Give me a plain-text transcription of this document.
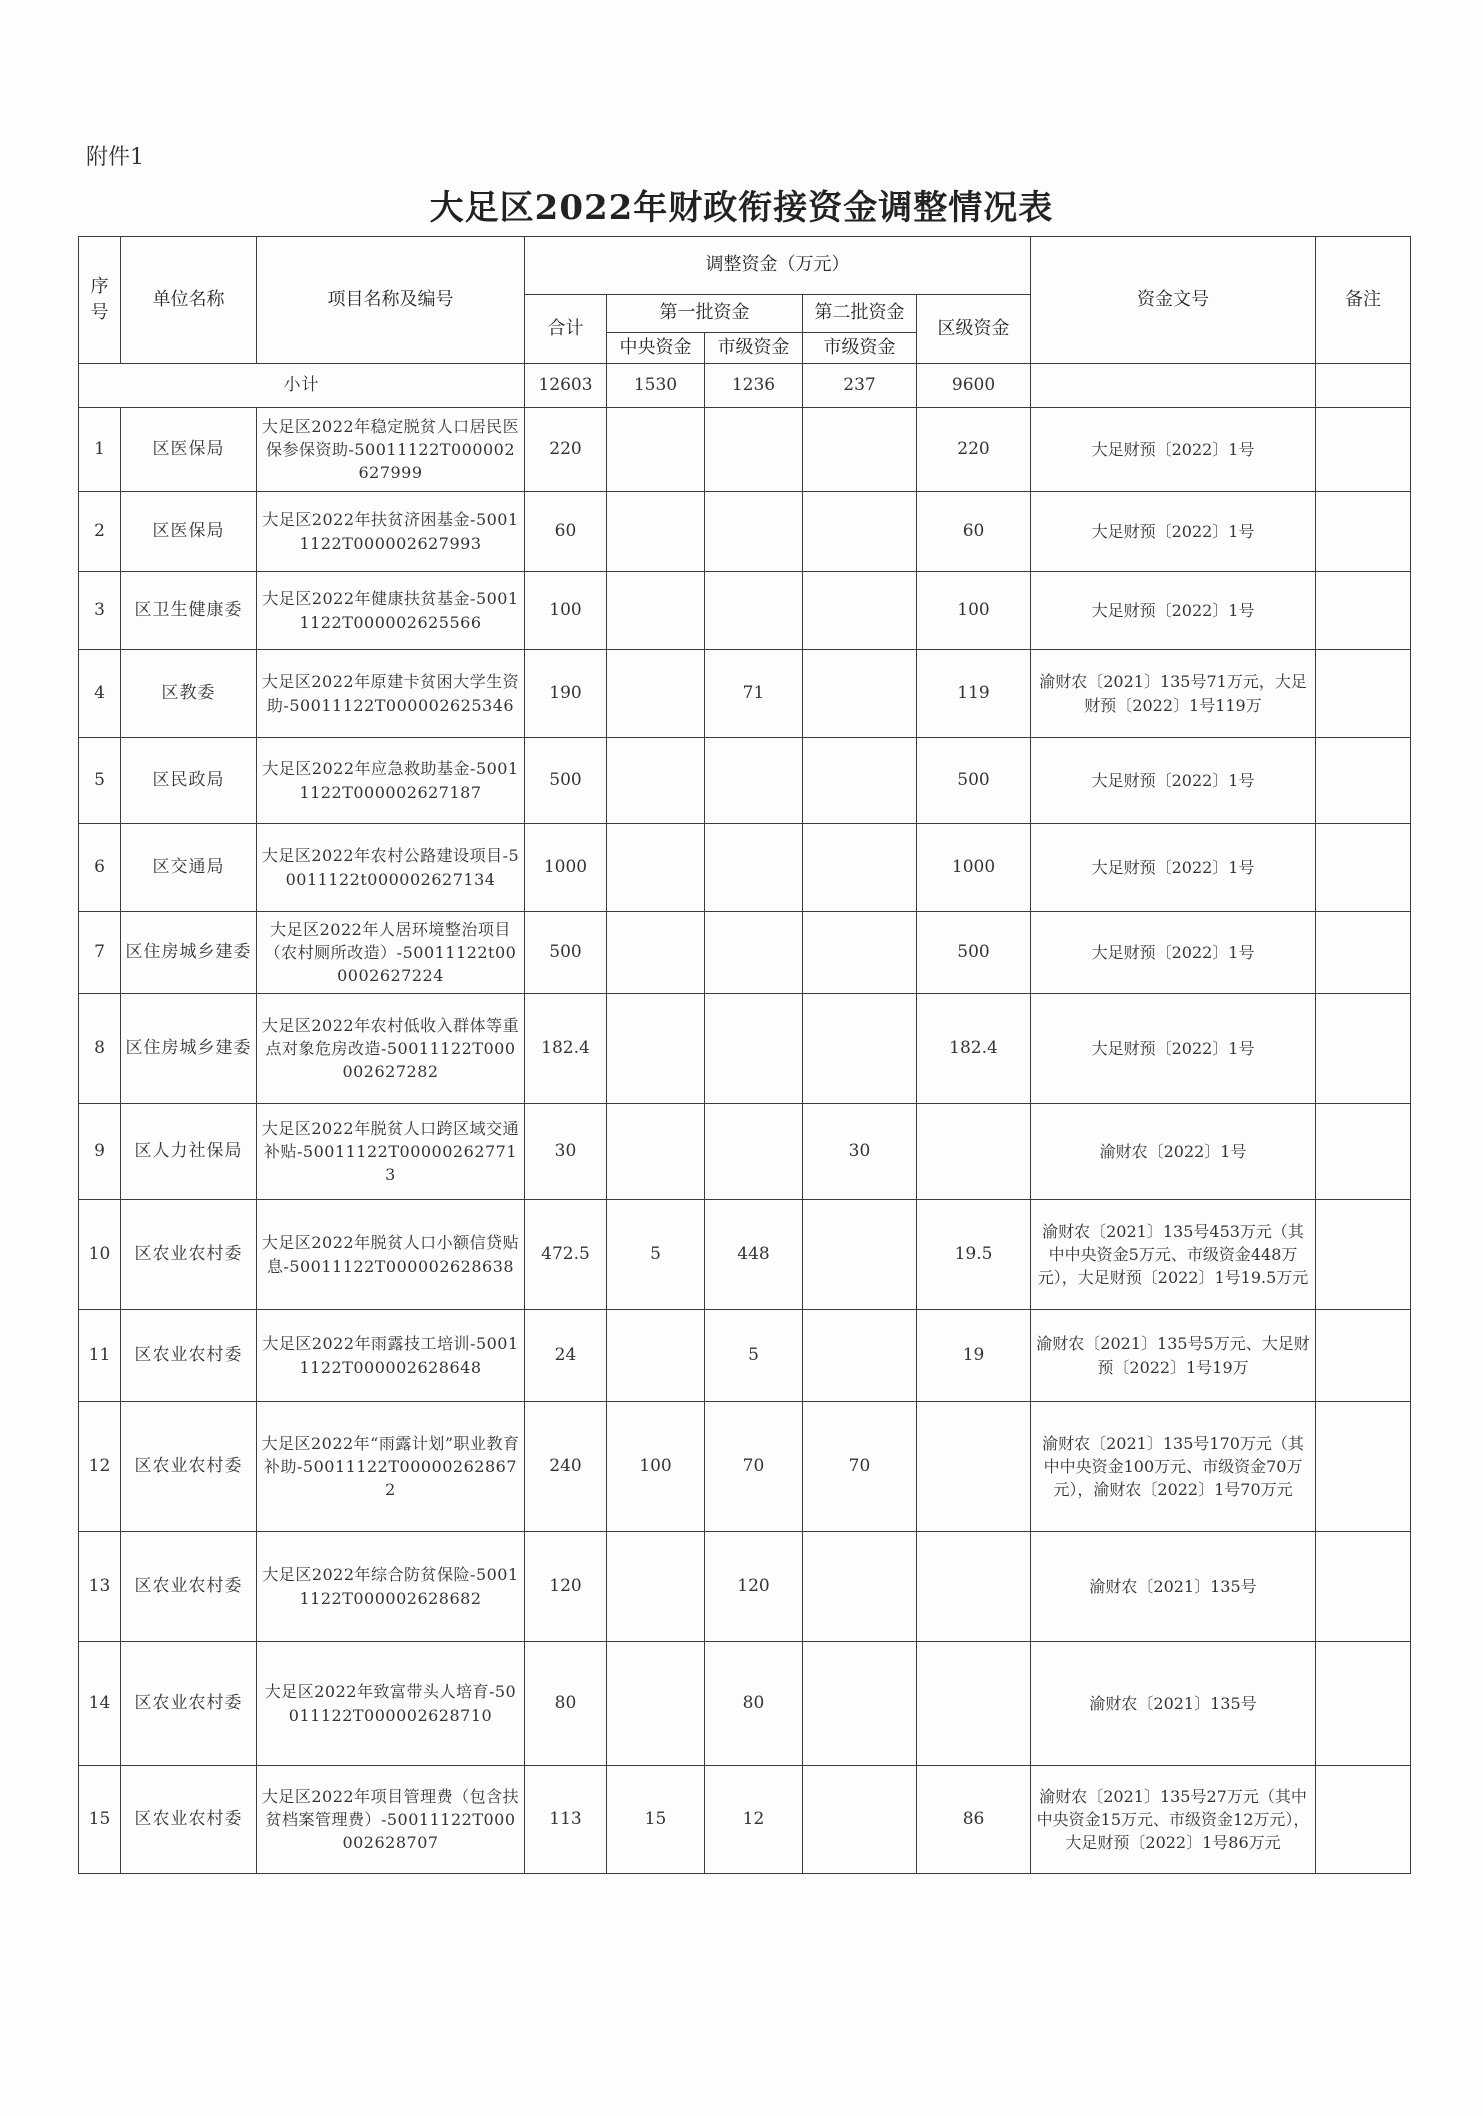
附件1
大足区2022年财政衔接资金调整情况表
序号	单位名称	项目名称及编号	调整资金（万元）					资金文号	备注
			合计	第一批资金		第二批资金	区级资金		
				中央资金	市级资金	市级资金			
小计			12603	1530	1236	237	9600		
1	区医保局	大足区2022年稳定脱贫人口居民医保参保资助-50011122T000002627999	220				220	大足财预〔2022〕1号	
2	区医保局	大足区2022年扶贫济困基金-50011122T000002627993	60				60	大足财预〔2022〕1号	
3	区卫生健康委	大足区2022年健康扶贫基金-50011122T000002625566	100				100	大足财预〔2022〕1号	
4	区教委	大足区2022年原建卡贫困大学生资助-50011122T000002625346	190		71		119	渝财农〔2021〕135号71万元，大足财预〔2022〕1号119万	
5	区民政局	大足区2022年应急救助基金-50011122T000002627187	500				500	大足财预〔2022〕1号	
6	区交通局	大足区2022年农村公路建设项目-50011122t000002627134	1000				1000	大足财预〔2022〕1号	
7	区住房城乡建委	大足区2022年人居环境整治项目（农村厕所改造）-50011122t000002627224	500				500	大足财预〔2022〕1号	
8	区住房城乡建委	大足区2022年农村低收入群体等重点对象危房改造-50011122T000002627282	182.4				182.4	大足财预〔2022〕1号	
9	区人力社保局	大足区2022年脱贫人口跨区域交通补贴-50011122T000002627713	30			30		渝财农〔2022〕1号	
10	区农业农村委	大足区2022年脱贫人口小额信贷贴息-50011122T000002628638	472.5	5	448		19.5	渝财农〔2021〕135号453万元（其中中央资金5万元、市级资金448万元），大足财预〔2022〕1号19.5万元	
11	区农业农村委	大足区2022年雨露技工培训-50011122T000002628648	24		5		19	渝财农〔2021〕135号5万元、大足财预〔2022〕1号19万	
12	区农业农村委	大足区2022年“雨露计划”职业教育补助-50011122T000002628672	240	100	70	70		渝财农〔2021〕135号170万元（其中中央资金100万元、市级资金70万元），渝财农〔2022〕1号70万元	
13	区农业农村委	大足区2022年综合防贫保险-50011122T000002628682	120		120			渝财农〔2021〕135号	
14	区农业农村委	大足区2022年致富带头人培育-50011122T000002628710	80		80			渝财农〔2021〕135号	
15	区农业农村委	大足区2022年项目管理费（包含扶贫档案管理费）-50011122T000002628707	113	15	12		86	渝财农〔2021〕135号27万元（其中中央资金15万元、市级资金12万元），大足财预〔2022〕1号86万元	
